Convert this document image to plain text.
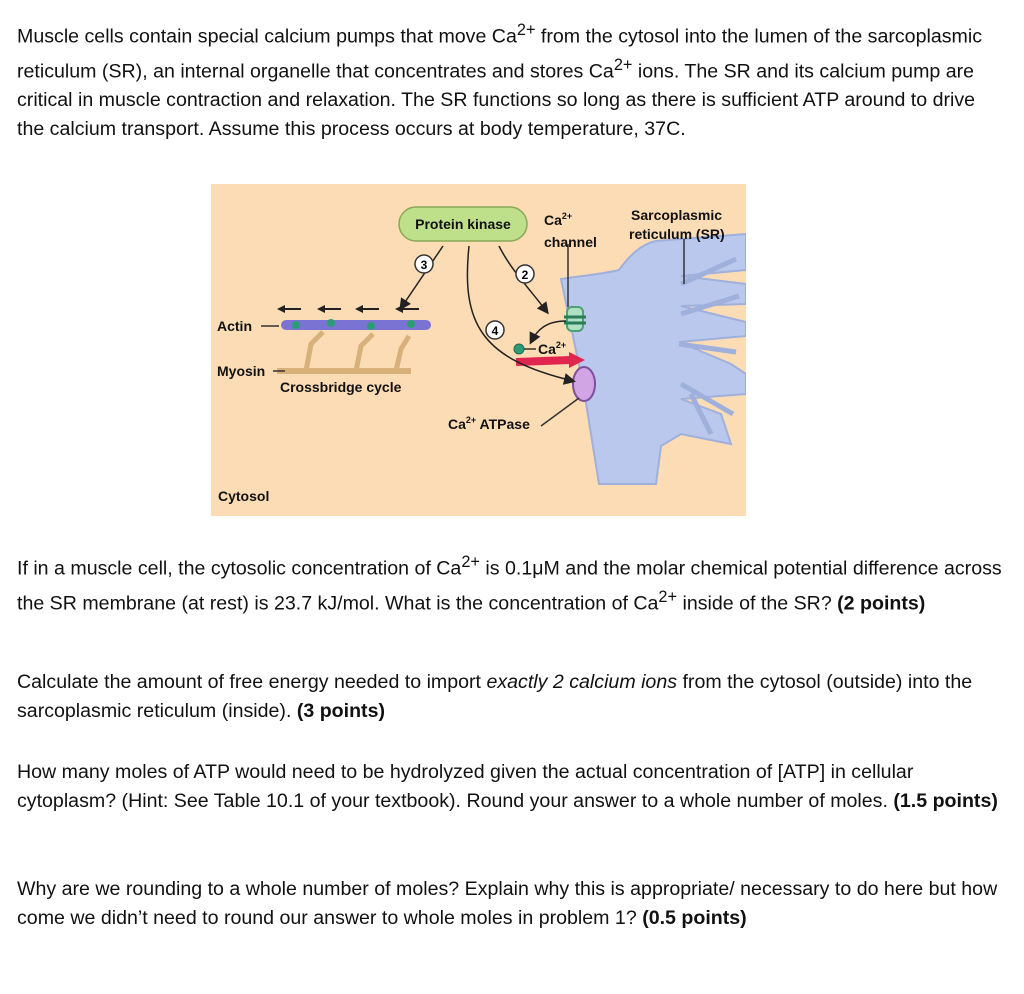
Muscle cells contain special calcium pumps that move $Ca^{2+}$ from the cytosol into the lumen of the sarcoplasmic reticulum (SR), an internal organelle that concentrates and stores $Ca^{2+}$ ions. The SR and its calcium pump are critical in muscle contraction and relaxation. The SR functions so long as there is sufficient ATP around to drive the calcium transport. Assume this process occurs at body temperature, 37C.
Protein kinase $Ca^{2+}$
channel
Sarcoplasmic
reticulum (SR)
3
2
4
$Ca^{2+}$
Actin
Myosin
Crossbridge cycle
$Ca^{2+}$ ATPase
Cytosol
If in a muscle cell, the cytosolic concentration of $Ca^{2+}$ is 0.1μM and the molar chemical potential difference across the SR membrane (at rest) is 23.7 kJ/mol. What is the concentration of $Ca^{2+}$ inside of the SR? (2 points)
Calculate the amount of free energy needed to import exactly 2 calcium ions from the cytosol (outside) into the sarcoplasmic reticulum (inside). (3 points)
How many moles of ATP would need to be hydrolyzed given the actual concentration of [ATP] in cellular cytoplasm? (Hint: See Table 10.1 of your textbook). Round your answer to a whole number of moles. (1.5 points)
Why are we rounding to a whole number of moles? Explain why this is appropriate/ necessary to do here but how come we didn’t need to round our answer to whole moles in problem 1? (0.5 points)
